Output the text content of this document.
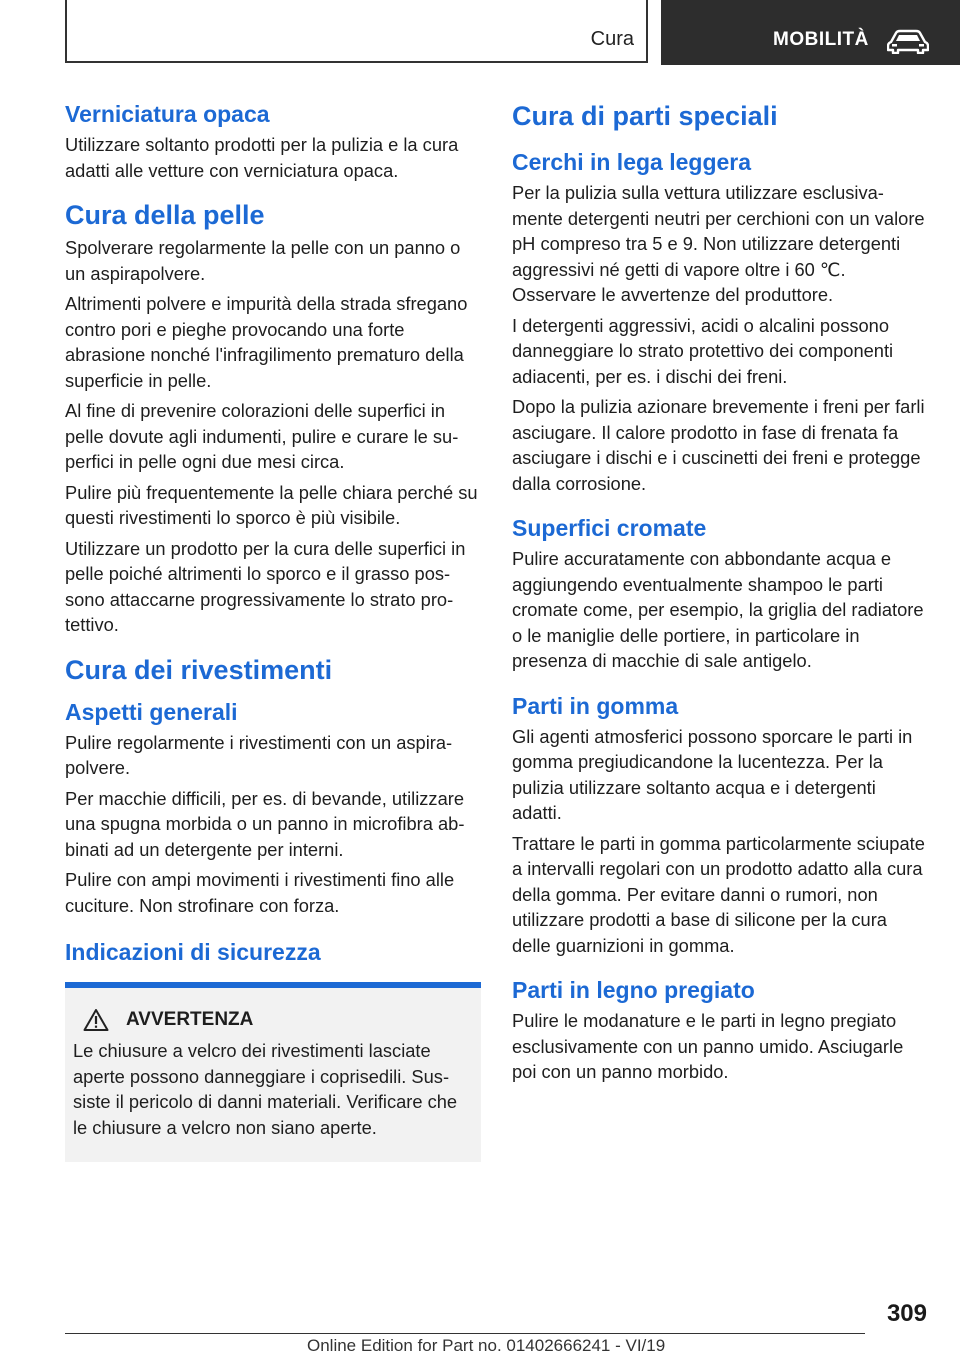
Cura	MOBILITÀ
Verniciatura opaca

Utilizzare soltanto prodotti per la pulizia e la cura adatti alle vetture con verniciatura opaca.

Cura della pelle

Spolverare regolarmente la pelle con un panno o un aspirapolvere.

Altrimenti polvere e impurità della strada sfregano contro pori e pieghe provocando una forte abrasione nonché l'infragilimento prematuro della superficie in pelle.

Al fine di prevenire colorazioni delle superfici in pelle dovute agli indumenti, pulire e curare le superfici in pelle ogni due mesi circa.

Pulire più frequentemente la pelle chiara perché su questi rivestimenti lo sporco è più visibile.

Utilizzare un prodotto per la cura delle superfici in pelle poiché altrimenti lo sporco e il grasso possono attaccarne progressivamente lo strato protettivo.

Cura dei rivestimenti
Aspetti generali

Pulire regolarmente i rivestimenti con un aspirapolvere.

Per macchie difficili, per es. di bevande, utilizzare una spugna morbida o un panno in microfibra abbinati ad un detergente per interni.

Pulire con ampi movimenti i rivestimenti fino alle cuciture. Non strofinare con forza.

Indicazioni di sicurezza
AVVERTENZA

Le chiusure a velcro dei rivestimenti lasciate aperte possono danneggiare i coprisedili. Sussiste il pericolo di danni materiali. Verificare che le chiusure a velcro non siano aperte.

Cura di parti speciali
Cerchi in lega leggera

Per la pulizia sulla vettura utilizzare esclusivamente detergenti neutri per cerchioni con un valore pH compreso tra 5 e 9. Non utilizzare detergenti aggressivi né getti di vapore oltre i 60 ℃. Osservare le avvertenze del produttore.

I detergenti aggressivi, acidi o alcalini possono danneggiare lo strato protettivo dei componenti adiacenti, per es. i dischi dei freni.

Dopo la pulizia azionare brevemente i freni per farli asciugare. Il calore prodotto in fase di frenata fa asciugare i dischi e i cuscinetti dei freni e protegge dalla corrosione.

Superfici cromate

Pulire accuratamente con abbondante acqua e aggiungendo eventualmente shampoo le parti cromate come, per esempio, la griglia del radiatore o le maniglie delle portiere, in particolare in presenza di macchie di sale antigelo.

Parti in gomma

Gli agenti atmosferici possono sporcare le parti in gomma pregiudicandone la lucentezza. Per la pulizia utilizzare soltanto acqua e i detergenti adatti.

Trattare le parti in gomma particolarmente sciupate a intervalli regolari con un prodotto adatto alla cura della gomma. Per evitare danni o rumori, non utilizzare prodotti a base di silicone per la cura delle guarnizioni in gomma.

Parti in legno pregiato

Pulire le modanature e le parti in legno pregiato esclusivamente con un panno umido. Asciugarle poi con un panno morbido.

309
Online Edition for Part no. 01402666241 - VI/19
